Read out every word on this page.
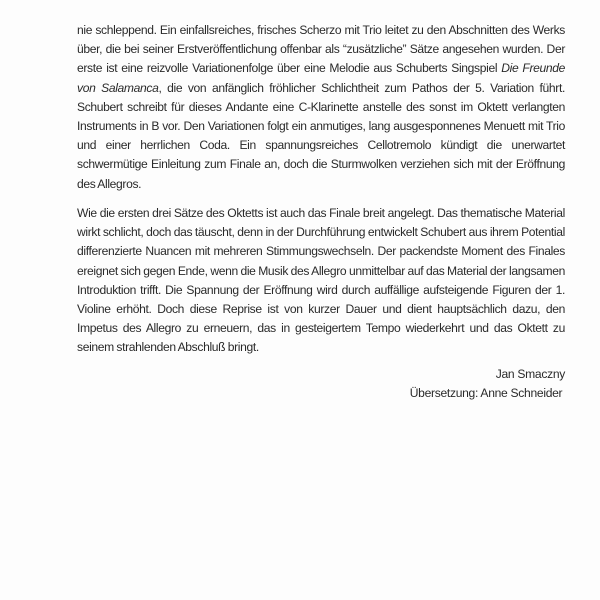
nie schleppend. Ein einfallsreiches, frisches Scherzo mit Trio leitet zu den Abschnitten des Werks über, die bei seiner Erstveröffentlichung offenbar als “zusätzliche” Sätze angesehen wurden. Der erste ist eine reizvolle Variationenfolge über eine Melodie aus Schuberts Singspiel Die Freunde von Salamanca, die von anfänglich fröhlicher Schlichtheit zum Pathos der 5. Variation führt. Schubert schreibt für dieses Andante eine C-Klarinette anstelle des sonst im Oktett verlangten Instruments in B vor. Den Variationen folgt ein anmutiges, lang ausgesponnenes Menuett mit Trio und einer herrlichen Coda. Ein spannungsreiches Cellotremolo kündigt die unerwartet schwermütige Einleitung zum Finale an, doch die Sturmwolken verziehen sich mit der Eröffnung des Allegros.

Wie die ersten drei Sätze des Oktetts ist auch das Finale breit angelegt. Das thematische Material wirkt schlicht, doch das täuscht, denn in der Durchführung entwickelt Schubert aus ihrem Potential differenzierte Nuancen mit mehreren Stimmungswechseln. Der packendste Moment des Finales ereignet sich gegen Ende, wenn die Musik des Allegro unmittelbar auf das Material der langsamen Introduktion trifft. Die Spannung der Eröffnung wird durch auffällige aufsteigende Figuren der 1. Violine erhöht. Doch diese Reprise ist von kurzer Dauer und dient hauptsächlich dazu, den Impetus des Allegro zu erneuern, das in gesteigertem Tempo wiederkehrt und das Oktett zu seinem strahlenden Abschluß bringt.

Jan Smaczny
Übersetzung: Anne Schneider
